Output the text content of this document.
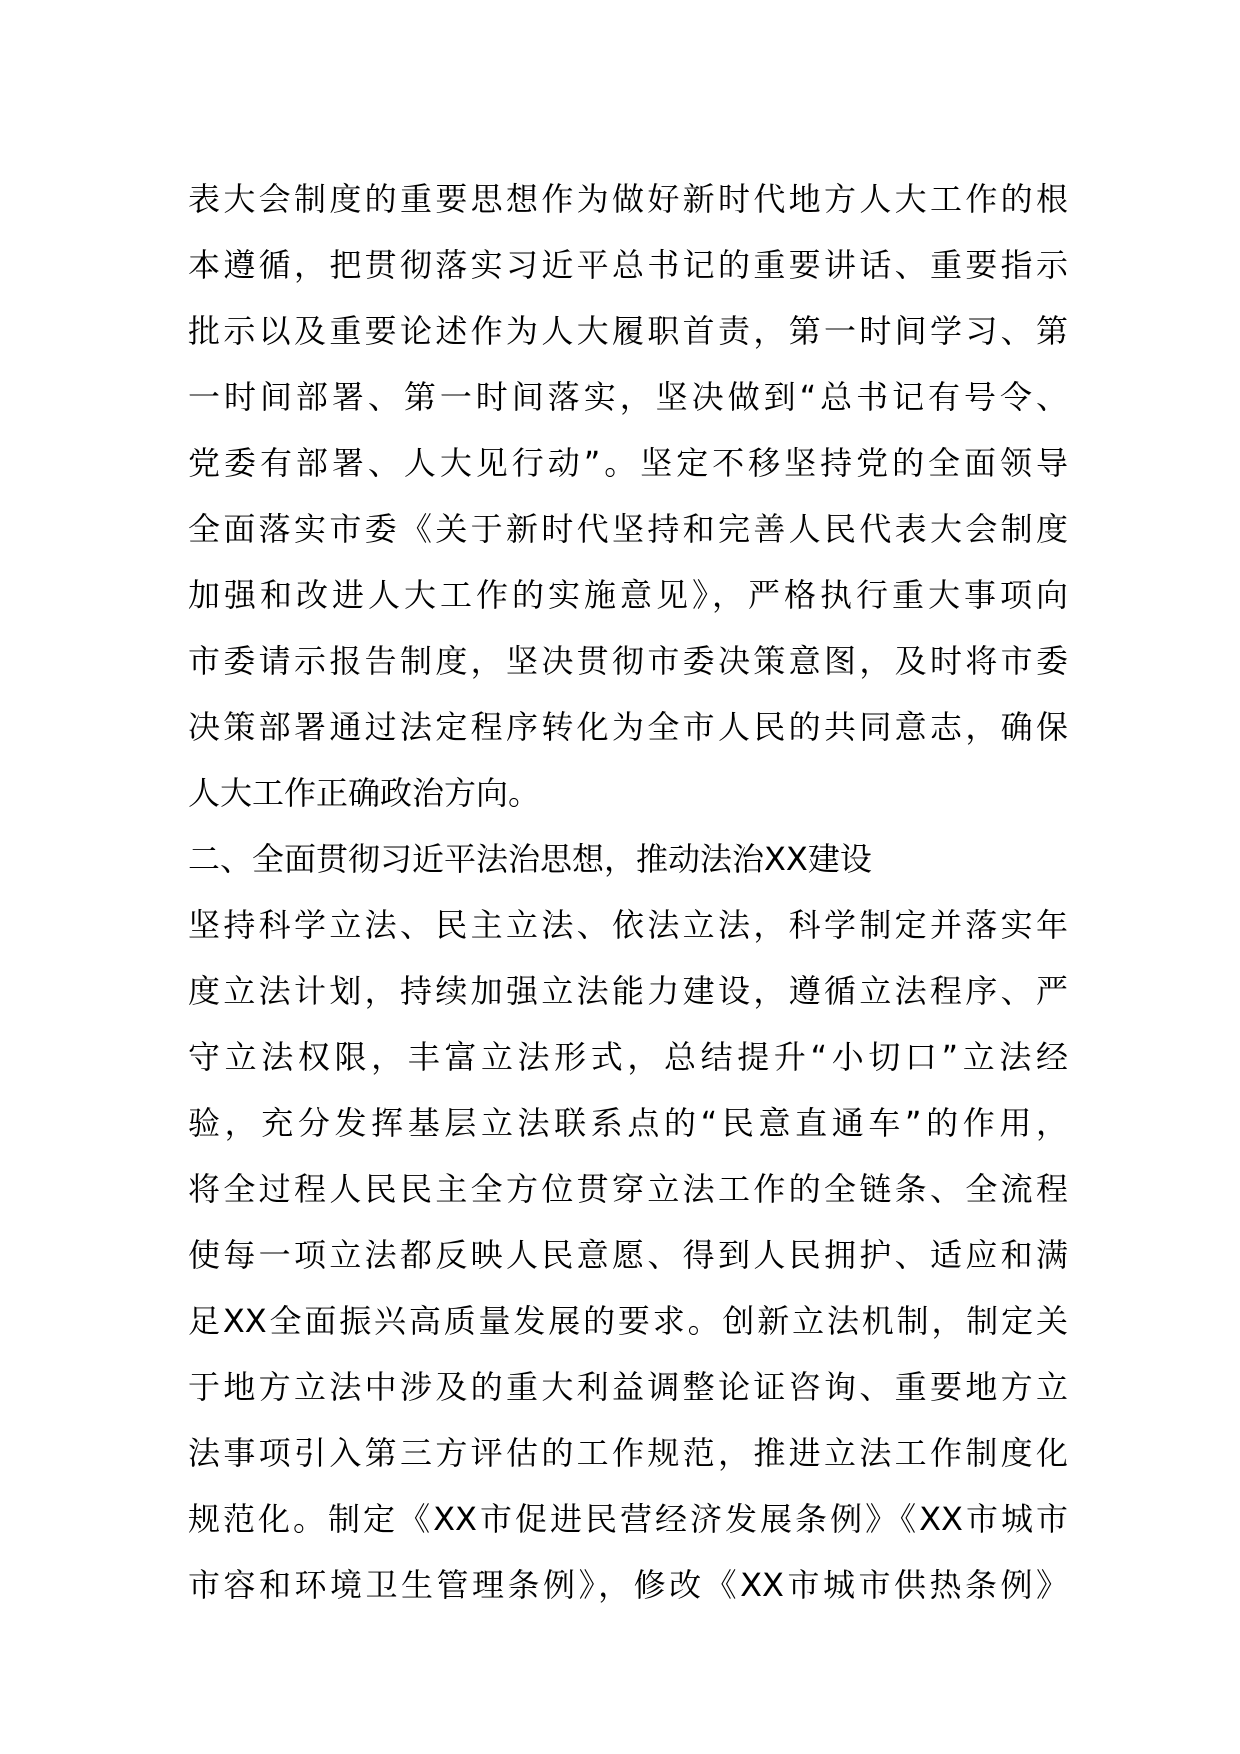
表大会制度的重要思想作为做好新时代地方人大工作的根
本遵循，把贯彻落实习近平总书记的重要讲话、重要指示
批示以及重要论述作为人大履职首责，第一时间学习、第
一时间部署、第一时间落实，坚决做到“总书记有号令、
党委有部署、人大见行动”。坚定不移坚持党的全面领导
全面落实市委《关于新时代坚持和完善人民代表大会制度
加强和改进人大工作的实施意见》，严格执行重大事项向
市委请示报告制度，坚决贯彻市委决策意图，及时将市委
决策部署通过法定程序转化为全市人民的共同意志，确保
人大工作正确政治方向。
二、全面贯彻习近平法治思想，推动法治XX建设
坚持科学立法、民主立法、依法立法，科学制定并落实年
度立法计划，持续加强立法能力建设，遵循立法程序、严
守立法权限，丰富立法形式，总结提升“小切口”立法经
验，充分发挥基层立法联系点的“民意直通车”的作用，
将全过程人民民主全方位贯穿立法工作的全链条、全流程
使每一项立法都反映人民意愿、得到人民拥护、适应和满
足XX全面振兴高质量发展的要求。创新立法机制，制定关
于地方立法中涉及的重大利益调整论证咨询、重要地方立
法事项引入第三方评估的工作规范，推进立法工作制度化
规范化。制定《XX市促进民营经济发展条例》《XX市城市
市容和环境卫生管理条例》，修改《XX市城市供热条例》
